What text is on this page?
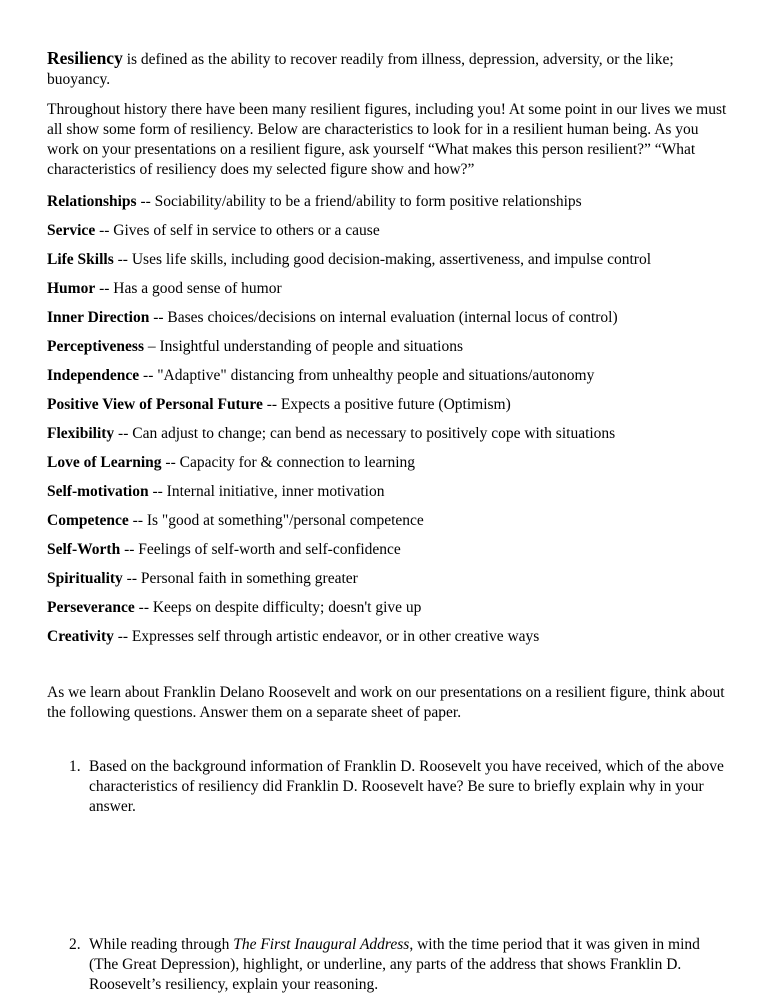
Resiliency is defined as the ability to recover readily from illness, depression, adversity, or the like; buoyancy.

Throughout history there have been many resilient figures, including you! At some point in our lives we must all show some form of resiliency. Below are characteristics to look for in a resilient human being. As you work on your presentations on a resilient figure, ask yourself “What makes this person resilient?” “What characteristics of resiliency does my selected figure show and how?”

Relationships -- Sociability/ability to be a friend/ability to form positive relationships
Service -- Gives of self in service to others or a cause
Life Skills -- Uses life skills, including good decision-making, assertiveness, and impulse control
Humor -- Has a good sense of humor
Inner Direction -- Bases choices/decisions on internal evaluation (internal locus of control)
Perceptiveness – Insightful understanding of people and situations
Independence -- "Adaptive" distancing from unhealthy people and situations/autonomy
Positive View of Personal Future -- Expects a positive future (Optimism)
Flexibility -- Can adjust to change; can bend as necessary to positively cope with situations
Love of Learning -- Capacity for & connection to learning
Self-motivation -- Internal initiative, inner motivation
Competence -- Is "good at something"/personal competence
Self-Worth -- Feelings of self-worth and self-confidence
Spirituality -- Personal faith in something greater
Perseverance -- Keeps on despite difficulty; doesn't give up
Creativity -- Expresses self through artistic endeavor, or in other creative ways

As we learn about Franklin Delano Roosevelt and work on our presentations on a resilient figure, think about the following questions. Answer them on a separate sheet of paper.

1. Based on the background information of Franklin D. Roosevelt you have received, which of the above characteristics of resiliency did Franklin D. Roosevelt have? Be sure to briefly explain why in your answer.
2. While reading through The First Inaugural Address, with the time period that it was given in mind (The Great Depression), highlight, or underline, any parts of the address that shows Franklin D. Roosevelt’s resiliency, explain your reasoning.
